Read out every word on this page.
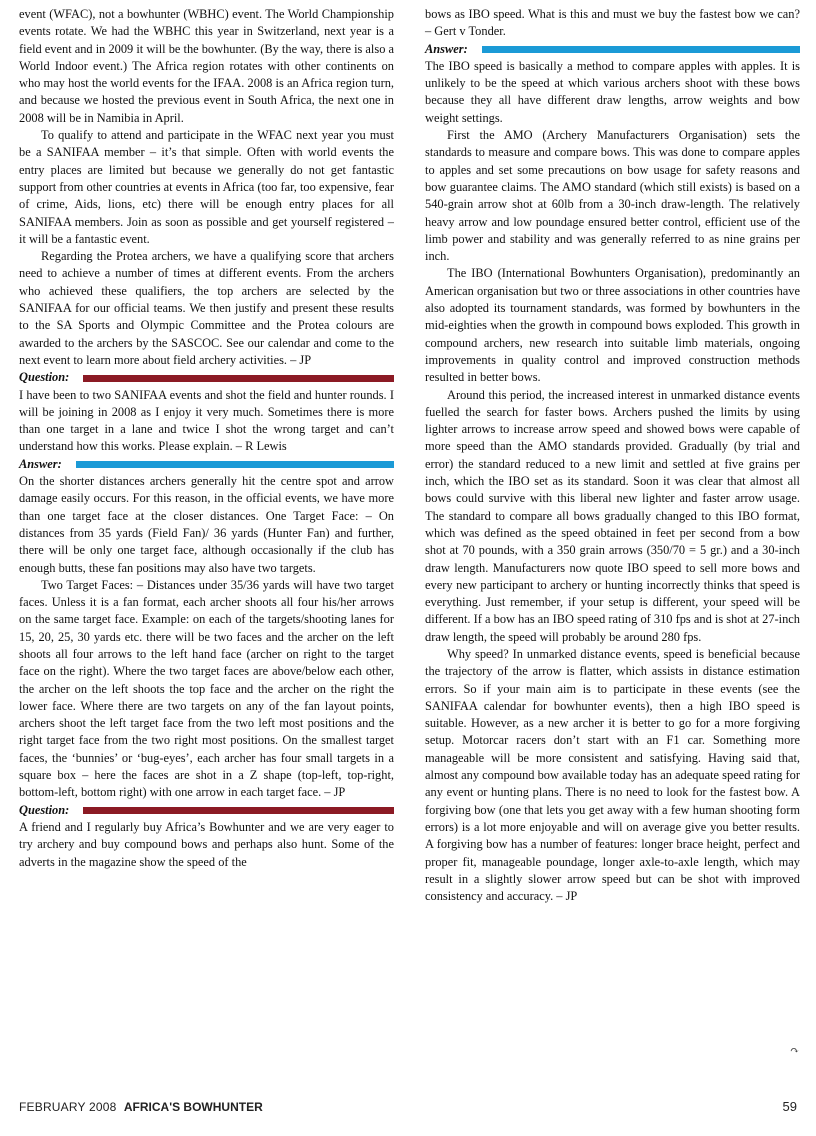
event (WFAC), not a bowhunter (WBHC) event. The World Championship events rotate. We had the WBHC this year in Switzerland, next year is a field event and in 2009 it will be the bowhunter. (By the way, there is also a World Indoor event.) The Africa region rotates with other continents on who may host the world events for the IFAA. 2008 is an Africa region turn, and because we hosted the previous event in South Africa, the next one in 2008 will be in Namibia in April.

To qualify to attend and participate in the WFAC next year you must be a SANIFAA member – it’s that simple. Often with world events the entry places are limited but because we generally do not get fantastic support from other countries at events in Africa (too far, too expensive, fear of crime, Aids, lions, etc) there will be enough entry places for all SANIFAA members. Join as soon as possible and get yourself registered – it will be a fantastic event.

Regarding the Protea archers, we have a qualifying score that archers need to achieve a number of times at different events. From the archers who achieved these qualifiers, the top archers are selected by the SANIFAA for our official teams. We then justify and present these results to the SA Sports and Olympic Committee and the Protea colours are awarded to the archers by the SASCOC. See our calendar and come to the next event to learn more about field archery activities. – JP

Question:

I have been to two SANIFAA events and shot the field and hunter rounds. I will be joining in 2008 as I enjoy it very much. Sometimes there is more than one target in a lane and twice I shot the wrong target and can’t understand how this works. Please explain. – R Lewis

Answer:

On the shorter distances archers generally hit the centre spot and arrow damage easily occurs. For this reason, in the official events, we have more than one target face at the closer distances. One Target Face: – On distances from 35 yards (Field Fan)/ 36 yards (Hunter Fan) and further, there will be only one target face, although occasionally if the club has enough butts, these fan positions may also have two targets.

Two Target Faces: – Distances under 35/36 yards will have two target faces. Unless it is a fan format, each archer shoots all four his/her arrows on the same target face. Example: on each of the targets/shooting lanes for 15, 20, 25, 30 yards etc. there will be two faces and the archer on the left shoots all four arrows to the left hand face (archer on right to the target face on the right). Where the two target faces are above/below each other, the archer on the left shoots the top face and the archer on the right the lower face. Where there are two targets on any of the fan layout points, archers shoot the left target face from the two left most positions and the right target face from the two right most positions. On the smallest target faces, the ‘bunnies’ or ‘bug-eyes’, each archer has four small targets in a square box – here the faces are shot in a Z shape (top-left, top-right, bottom-left, bottom right) with one arrow in each target face. – JP

Question:

A friend and I regularly buy Africa’s Bowhunter and we are very eager to try archery and buy compound bows and perhaps also hunt. Some of the adverts in the magazine show the speed of the

bows as IBO speed. What is this and must we buy the fastest bow we can? – Gert v Tonder.

Answer:

The IBO speed is basically a method to compare apples with apples. It is unlikely to be the speed at which various archers shoot with these bows because they all have different draw lengths, arrow weights and bow weight settings.

First the AMO (Archery Manufacturers Organisation) sets the standards to measure and compare bows. This was done to compare apples to apples and set some precautions on bow usage for safety reasons and bow guarantee claims. The AMO standard (which still exists) is based on a 540-grain arrow shot at 60lb from a 30-inch draw-length. The relatively heavy arrow and low poundage ensured better control, efficient use of the limb power and stability and was generally referred to as nine grains per inch.

The IBO (International Bowhunters Organisation), predominantly an American organisation but two or three associations in other countries have also adopted its tournament standards, was formed by bowhunters in the mid-eighties when the growth in compound bows exploded. This growth in compound archers, new research into suitable limb materials, ongoing improvements in quality control and improved construction methods resulted in better bows.

Around this period, the increased interest in unmarked distance events fuelled the search for faster bows. Archers pushed the limits by using lighter arrows to increase arrow speed and showed bows were capable of more speed than the AMO standards provided. Gradually (by trial and error) the standard reduced to a new limit and settled at five grains per inch, which the IBO set as its standard. Soon it was clear that almost all bows could survive with this liberal new lighter and faster arrow usage. The standard to compare all bows gradually changed to this IBO format, which was defined as the speed obtained in feet per second from a bow shot at 70 pounds, with a 350 grain arrows (350/70 = 5 gr.) and a 30-inch draw length. Manufacturers now quote IBO speed to sell more bows and every new participant to archery or hunting incorrectly thinks that speed is everything. Just remember, if your setup is different, your speed will be different. If a bow has an IBO speed rating of 310 fps and is shot at 27-inch draw length, the speed will probably be around 280 fps.

Why speed? In unmarked distance events, speed is beneficial because the trajectory of the arrow is flatter, which assists in distance estimation errors. So if your main aim is to participate in these events (see the SANIFAA calendar for bowhunter events), then a high IBO speed is suitable. However, as a new archer it is better to go for a more forgiving setup. Motorcar racers don’t start with an F1 car. Something more manageable will be more consistent and satisfying. Having said that, almost any compound bow available today has an adequate speed rating for any event or hunting plans. There is no need to look for the fastest bow. A forgiving bow (one that lets you get away with a few human shooting form errors) is a lot more enjoyable and will on average give you better results. A forgiving bow has a number of features: longer brace height, perfect and proper fit, manageable poundage, longer axle-to-axle length, which may result in a slightly slower arrow speed but can be shot with improved consistency and accuracy. – JP

↷
FEBRUARY 2008 AFRICA'S BOWHUNTER	59
